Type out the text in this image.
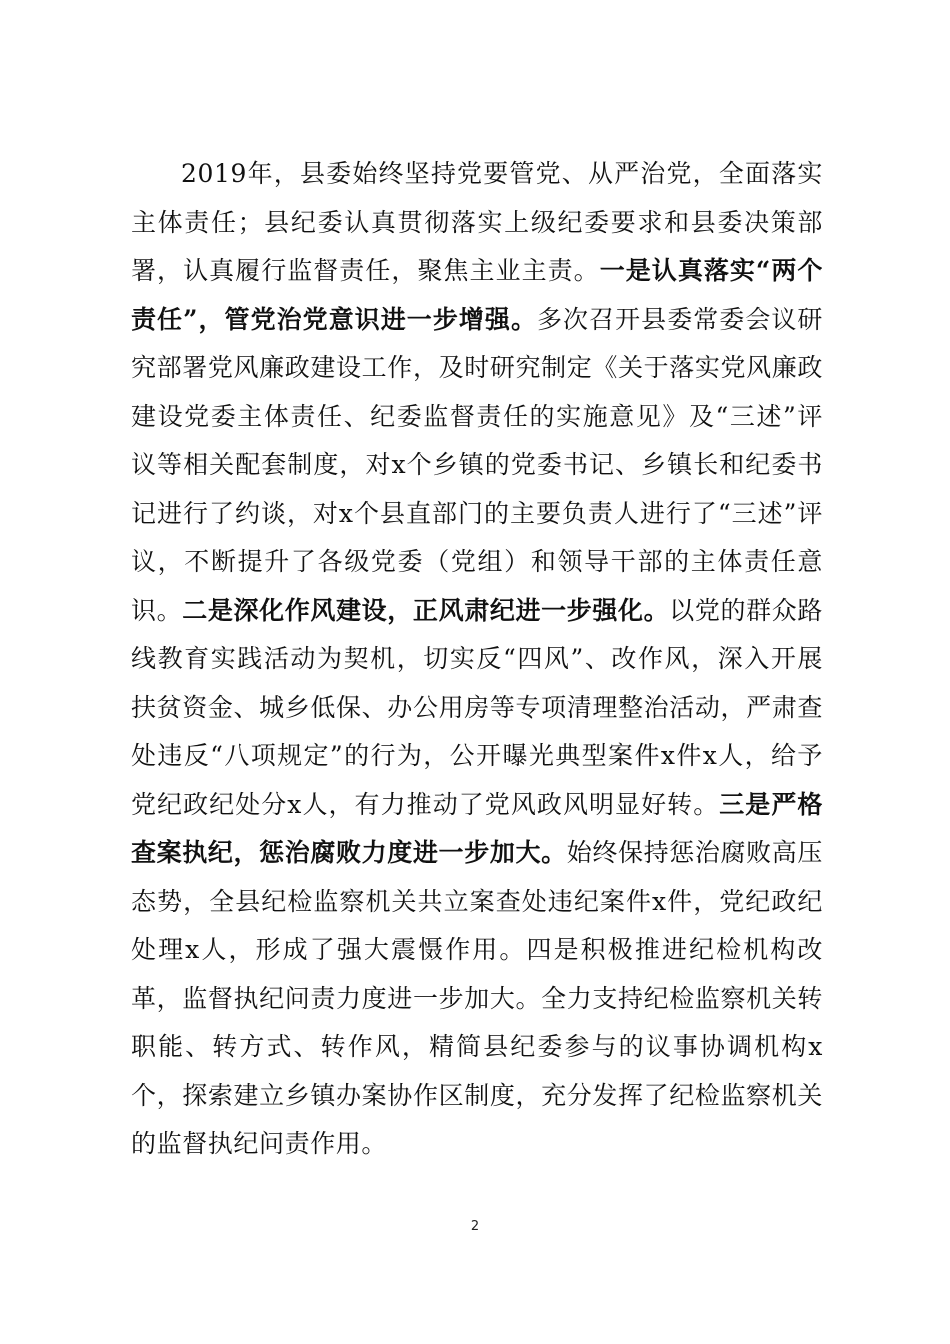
2019年，县委始终坚持党要管党、从严治党，全面落实主体责任；县纪委认真贯彻落实上级纪委要求和县委决策部署，认真履行监督责任，聚焦主业主责。一是认真落实“两个责任”，管党治党意识进一步增强。多次召开县委常委会议研究部署党风廉政建设工作，及时研究制定《关于落实党风廉政建设党委主体责任、纪委监督责任的实施意见》及“三述”评议等相关配套制度，对x个乡镇的党委书记、乡镇长和纪委书记进行了约谈，对x个县直部门的主要负责人进行了“三述”评议，不断提升了各级党委（党组）和领导干部的主体责任意识。二是深化作风建设，正风肃纪进一步强化。以党的群众路线教育实践活动为契机，切实反“四风”、改作风，深入开展扶贫资金、城乡低保、办公用房等专项清理整治活动，严肃查处违反“八项规定”的行为，公开曝光典型案件x件x人，给予党纪政纪处分x人，有力推动了党风政风明显好转。三是严格查案执纪，惩治腐败力度进一步加大。始终保持惩治腐败高压态势，全县纪检监察机关共立案查处违纪案件x件，党纪政纪处理x人，形成了强大震慑作用。四是积极推进纪检机构改革，监督执纪问责力度进一步加大。全力支持纪检监察机关转职能、转方式、转作风，精简县纪委参与的议事协调机构x个，探索建立乡镇办案协作区制度，充分发挥了纪检监察机关的监督执纪问责作用。

2
